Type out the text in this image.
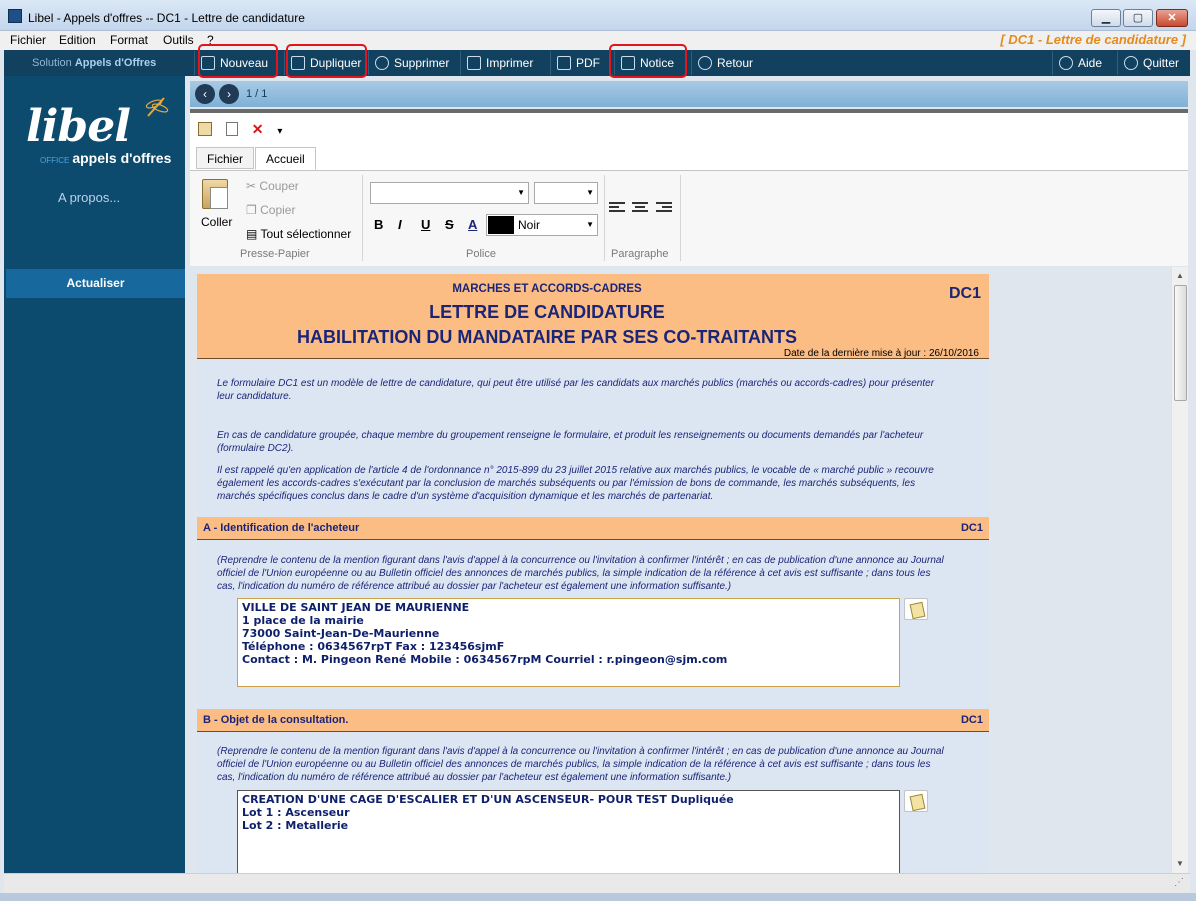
Libel - Appels d'offres -- DC1 - Lettre de candidature	▁	▢	✕
Fichier Edition Format Outils ?	[ DC1 - Lettre de candidature ]
Solution Appels d'Offres	Nouveau	Dupliquer	Supprimer	Imprimer	PDF	Notice	Retour	Aide	Quitter
libel
OFFICE appels d'offres
A propos...
Actualiser
‹	›	1 / 1
✕ ▾
Fichier	Accueil
Coller
✂ Couper
❐ Copier
▤ Tout sélectionner
Presse-Papier
▼	▼
B I U S A	Noir	▼
Police	Paragraphe
MARCHES ET ACCORDS-CADRES
LETTRE DE CANDIDATURE
HABILITATION DU MANDATAIRE PAR SES CO-TRAITANTS
DC1
Date de la dernière mise à jour : 26/10/2016
Le formulaire DC1 est un modèle de lettre de candidature, qui peut être utilisé par les candidats aux marchés publics (marchés ou accords-cadres) pour présenter leur candidature.
En cas de candidature groupée, chaque membre du groupement renseigne le formulaire, et produit les renseignements ou documents demandés par l'acheteur (formulaire DC2).
Il est rappelé qu'en application de l'article 4 de l'ordonnance n° 2015-899 du 23 juillet 2015 relative aux marchés publics, le vocable de « marché public » recouvre également les accords-cadres s'exécutant par la conclusion de marchés subséquents ou par l'émission de bons de commande, les marchés subséquents, les marchés spécifiques conclus dans le cadre d'un système d'acquisition dynamique et les marchés de partenariat.
A - Identification de l'acheteur	DC1
(Reprendre le contenu de la mention figurant dans l'avis d'appel à la concurrence ou l'invitation à confirmer l'intérêt ; en cas de publication d'une annonce au Journal officiel de l'Union européenne ou au Bulletin officiel des annonces de marchés publics, la simple indication de la référence à cet avis est suffisante ; dans tous les cas, l'indication du numéro de référence attribué au dossier par l'acheteur est également une information suffisante.)
VILLE DE SAINT JEAN DE MAURIENNE
1 place de la mairie
73000 Saint-Jean-De-Maurienne
Téléphone : 0634567rpT Fax : 123456sjmF
Contact : M. Pingeon René Mobile : 0634567rpM Courriel : r.pingeon@sjm.com
B - Objet de la consultation.	DC1
(Reprendre le contenu de la mention figurant dans l'avis d'appel à la concurrence ou l'invitation à confirmer l'intérêt ; en cas de publication d'une annonce au Journal officiel de l'Union européenne ou au Bulletin officiel des annonces de marchés publics, la simple indication de la référence à cet avis est suffisante ; dans tous les cas, l'indication du numéro de référence attribué au dossier par l'acheteur est également une information suffisante.)
CREATION D'UNE CAGE D'ESCALIER ET D'UN ASCENSEUR- POUR TEST Dupliquée
Lot 1 : Ascenseur
Lot 2 : Metallerie
▲
▼
⋰
